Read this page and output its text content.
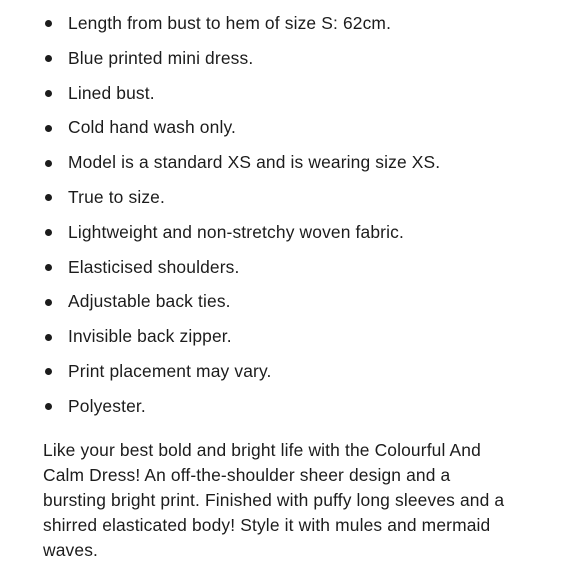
Length from bust to hem of size S: 62cm.
Blue printed mini dress.
Lined bust.
Cold hand wash only.
Model is a standard XS and is wearing size XS.
True to size.
Lightweight and non-stretchy woven fabric.
Elasticised shoulders.
Adjustable back ties.
Invisible back zipper.
Print placement may vary.
Polyester.

Like your best bold and bright life with the Colourful And
Calm Dress! An off-the-shoulder sheer design and a
bursting bright print. Finished with puffy long sleeves and a
shirred elasticated body! Style it with mules and mermaid
waves.
